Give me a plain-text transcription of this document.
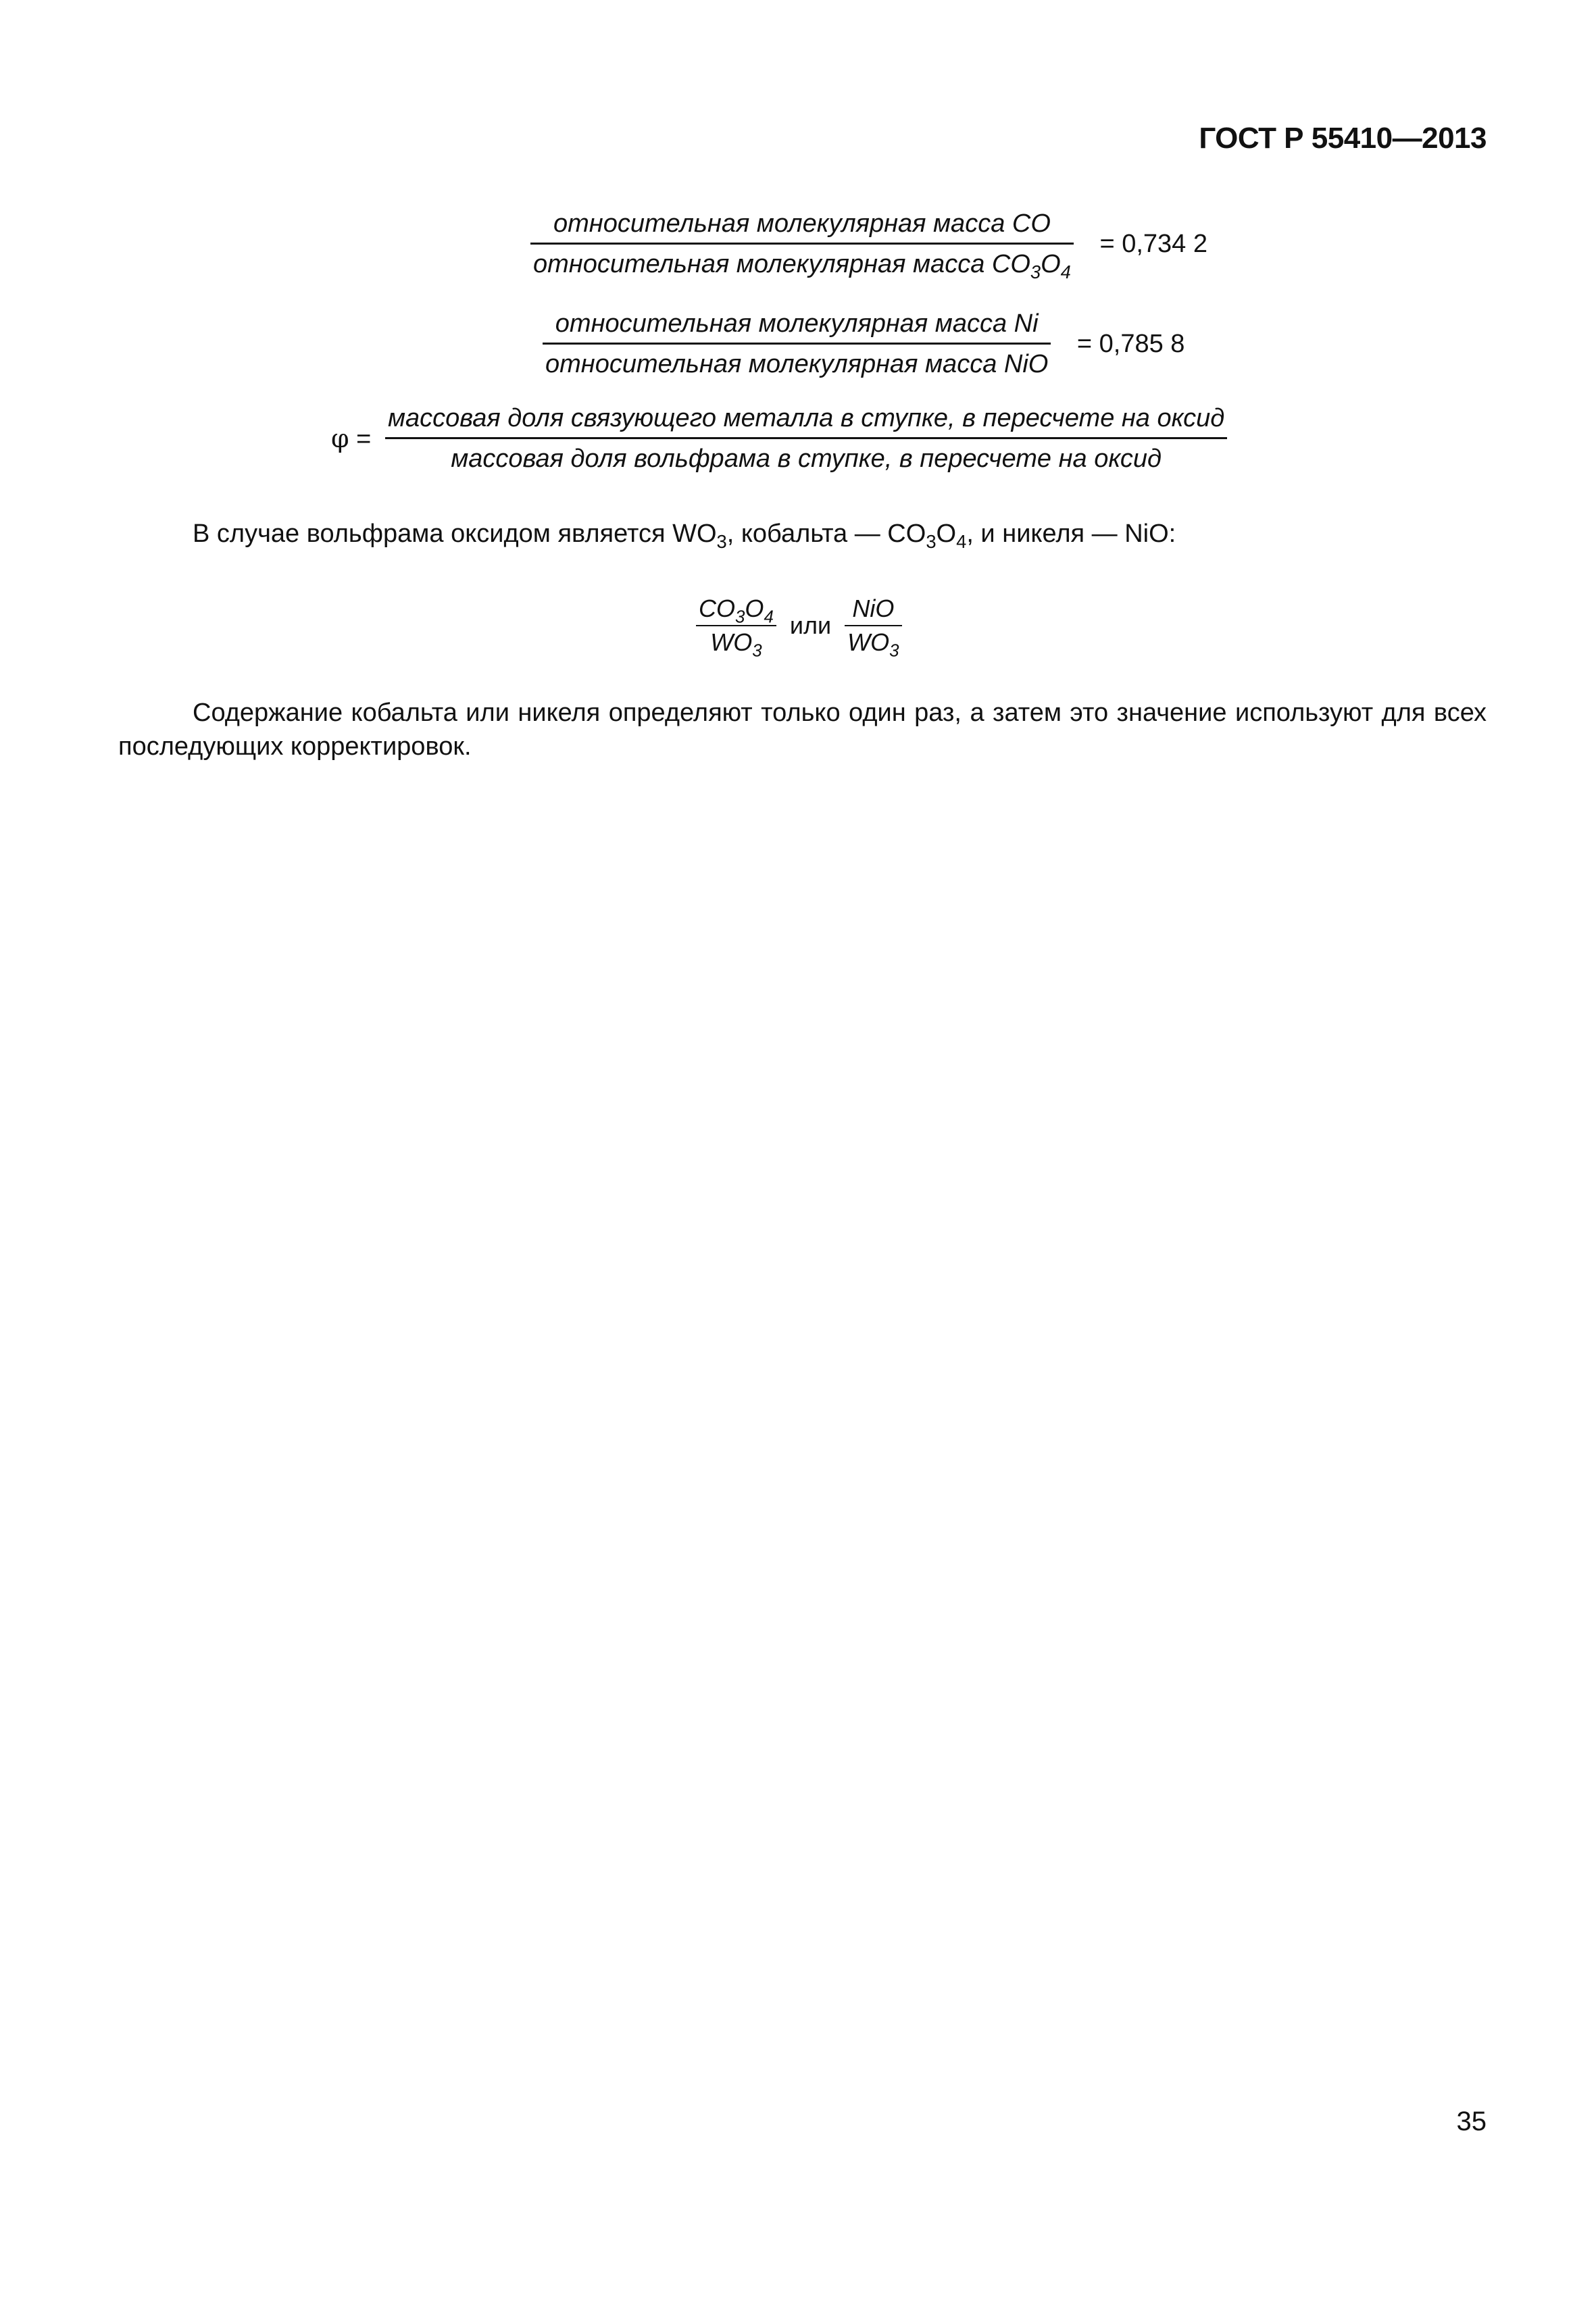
ГОСТ Р 55410—2013
$\frac{\text{относительная молекулярная масса CO}}{относительная молекулярная масса CO_3O_4} = 0,734$ 2
$\frac{\text{относительная молекулярная масса Ni}}{\text{относительная молекулярная масса NiO}} = 0,785$ 8
φ =
массовая доля связующего металла в ступке, в пересчете на оксид
массовая доля вольфрама в ступке, в пересчете на оксид

В случае вольфрама оксидом является $WO_3$, кобальта — $CO_3O_4$, и никеля — NiO:

$\frac{CO_3O_4}{WO_3}$ или $\frac{\text{NiO}}{WO_3}$

Содержание кобальта или никеля определяют только один раз, а затем это значение используют для всех последующих корректировок.

35
